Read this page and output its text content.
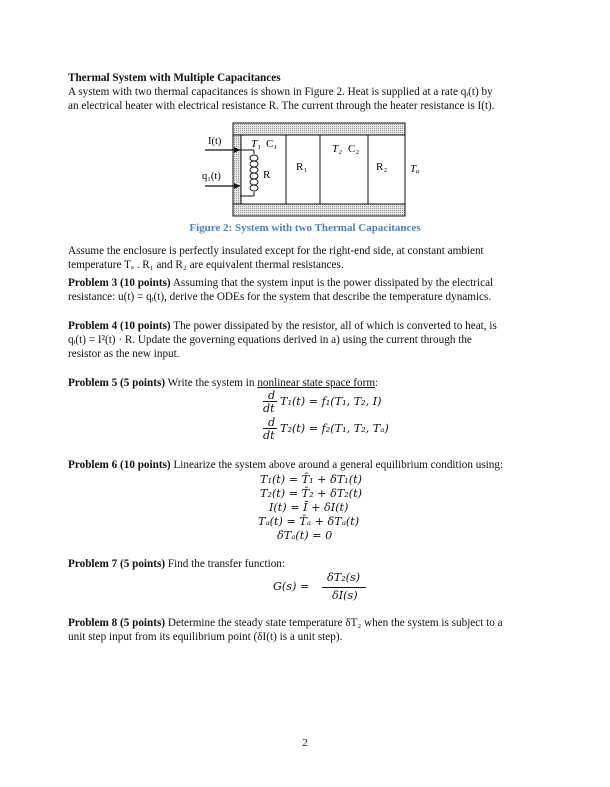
Thermal System with Multiple Capacitances
A system with two thermal capacitances is shown in Figure 2. Heat is supplied at a rate qᵢ(t) by
an electrical heater with electrical resistance R. The current through the heater resistance is I(t).
I(t)
q₁(t)
T₁ C₁
R
R₁
T₂ C₂
R₂ Tₐ
Figure 2: System with two Thermal Capacitances
Assume the enclosure is perfectly insulated except for the right-end side, at constant ambient
temperature Tₐ . R₁ and R₂ are equivalent thermal resistances.
Problem 3 (10 points) Assuming that the system input is the power dissipated by the electrical
resistance: u(t) = qᵢ(t), derive the ODEs for the system that describe the temperature dynamics.
Problem 4 (10 points) The power dissipated by the resistor, all of which is converted to heat, is
qᵢ(t) = I²(t) · R. Update the governing equations derived in a) using the current through the
resistor as the new input.
Problem 5 (5 points) Write the system in nonlinear state space form:
d
dt
T₁(t) = f₁(T₁, T₂, I)
d
dt
T₂(t) = f₂(T₁, T₂, Tₐ)
Problem 6 (10 points) Linearize the system above around a general equilibrium condition using:
T₁(t) = T̄₁ + δT₁(t)
T₂(t) = T̄₂ + δT₂(t)
I(t) = Ī + δI(t)
Tₐ(t) = T̄ₐ + δTₐ(t)
δTₐ(t) = 0
Problem 7 (5 points) Find the transfer function:
G(s) =
δT₂(s)
δI(s)
Problem 8 (5 points) Determine the steady state temperature δT₂ when the system is subject to a
unit step input from its equilibrium point (δI(t) is a unit step).
2
